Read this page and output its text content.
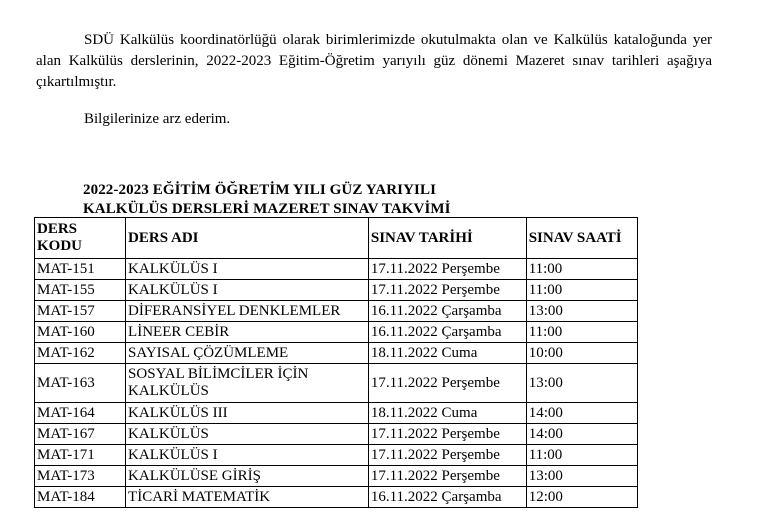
SDÜ Kalkülüs koordinatörlüğü olarak birimlerimizde okutulmakta olan ve Kalkülüs kataloğunda yer alan Kalkülüs derslerinin, 2022-2023 Eğitim-Öğretim yarıyılı güz dönemi Mazeret sınav tarihleri aşağıya çıkartılmıştır.

Bilgilerinize arz ederim.

2022-2023 EĞİTİM ÖĞRETİM YILI GÜZ YARIYILI
KALKÜLÜS DERSLERİ MAZERET SINAV TAKVİMİ
DERS KODU	DERS ADI	SINAV TARİHİ	SINAV SAATİ
MAT-151	KALKÜLÜS I	17.11.2022 Perşembe	11:00
MAT-155	KALKÜLÜS I	17.11.2022 Perşembe	11:00
MAT-157	DİFERANSİYEL DENKLEMLER	16.11.2022 Çarşamba	13:00
MAT-160	LİNEER CEBİR	16.11.2022 Çarşamba	11:00
MAT-162	SAYISAL ÇÖZÜMLEME	18.11.2022 Cuma	10:00
MAT-163	SOSYAL BİLİMCİLER İÇİN KALKÜLÜS	17.11.2022 Perşembe	13:00
MAT-164	KALKÜLÜS III	18.11.2022 Cuma	14:00
MAT-167	KALKÜLÜS	17.11.2022 Perşembe	14:00
MAT-171	KALKÜLÜS I	17.11.2022 Perşembe	11:00
MAT-173	KALKÜLÜSE GİRİŞ	17.11.2022 Perşembe	13:00
MAT-184	TİCARİ MATEMATİK	16.11.2022 Çarşamba	12:00
